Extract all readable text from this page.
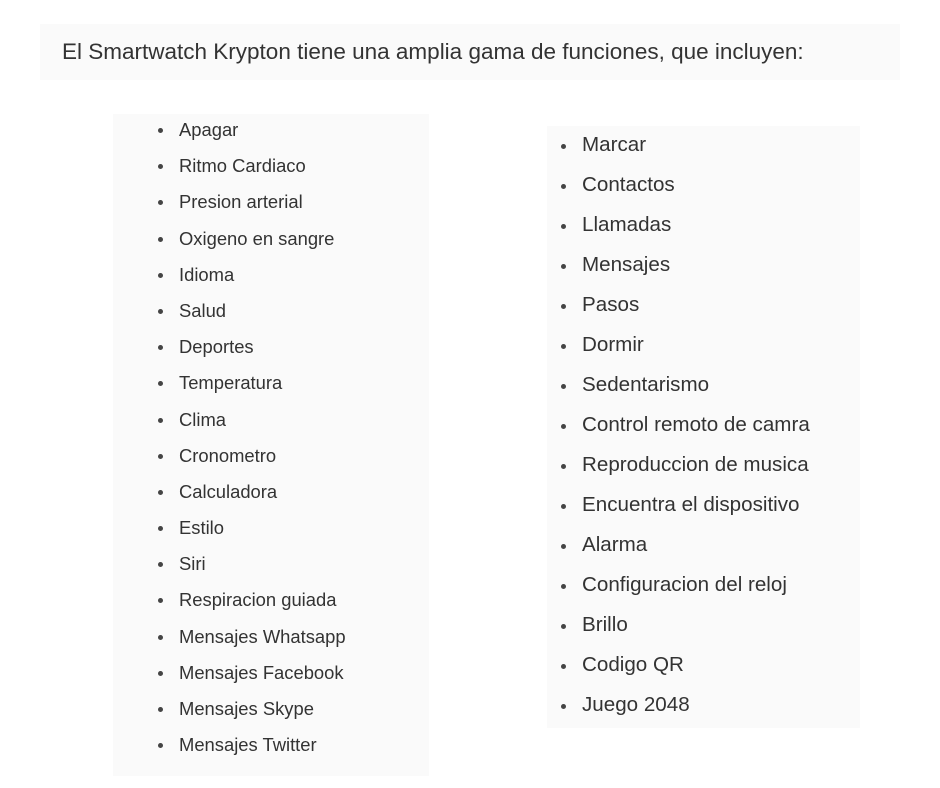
El Smartwatch Krypton tiene una amplia gama de funciones, que incluyen:

Apagar
Ritmo Cardiaco
Presion arterial
Oxigeno en sangre
Idioma
Salud
Deportes
Temperatura
Clima
Cronometro
Calculadora
Estilo
Siri
Respiracion guiada
Mensajes Whatsapp
Mensajes Facebook
Mensajes Skype
Mensajes Twitter
Marcar
Contactos
Llamadas
Mensajes
Pasos
Dormir
Sedentarismo
Control remoto de camra
Reproduccion de musica
Encuentra el dispositivo
Alarma
Configuracion del reloj
Brillo
Codigo QR
Juego 2048
